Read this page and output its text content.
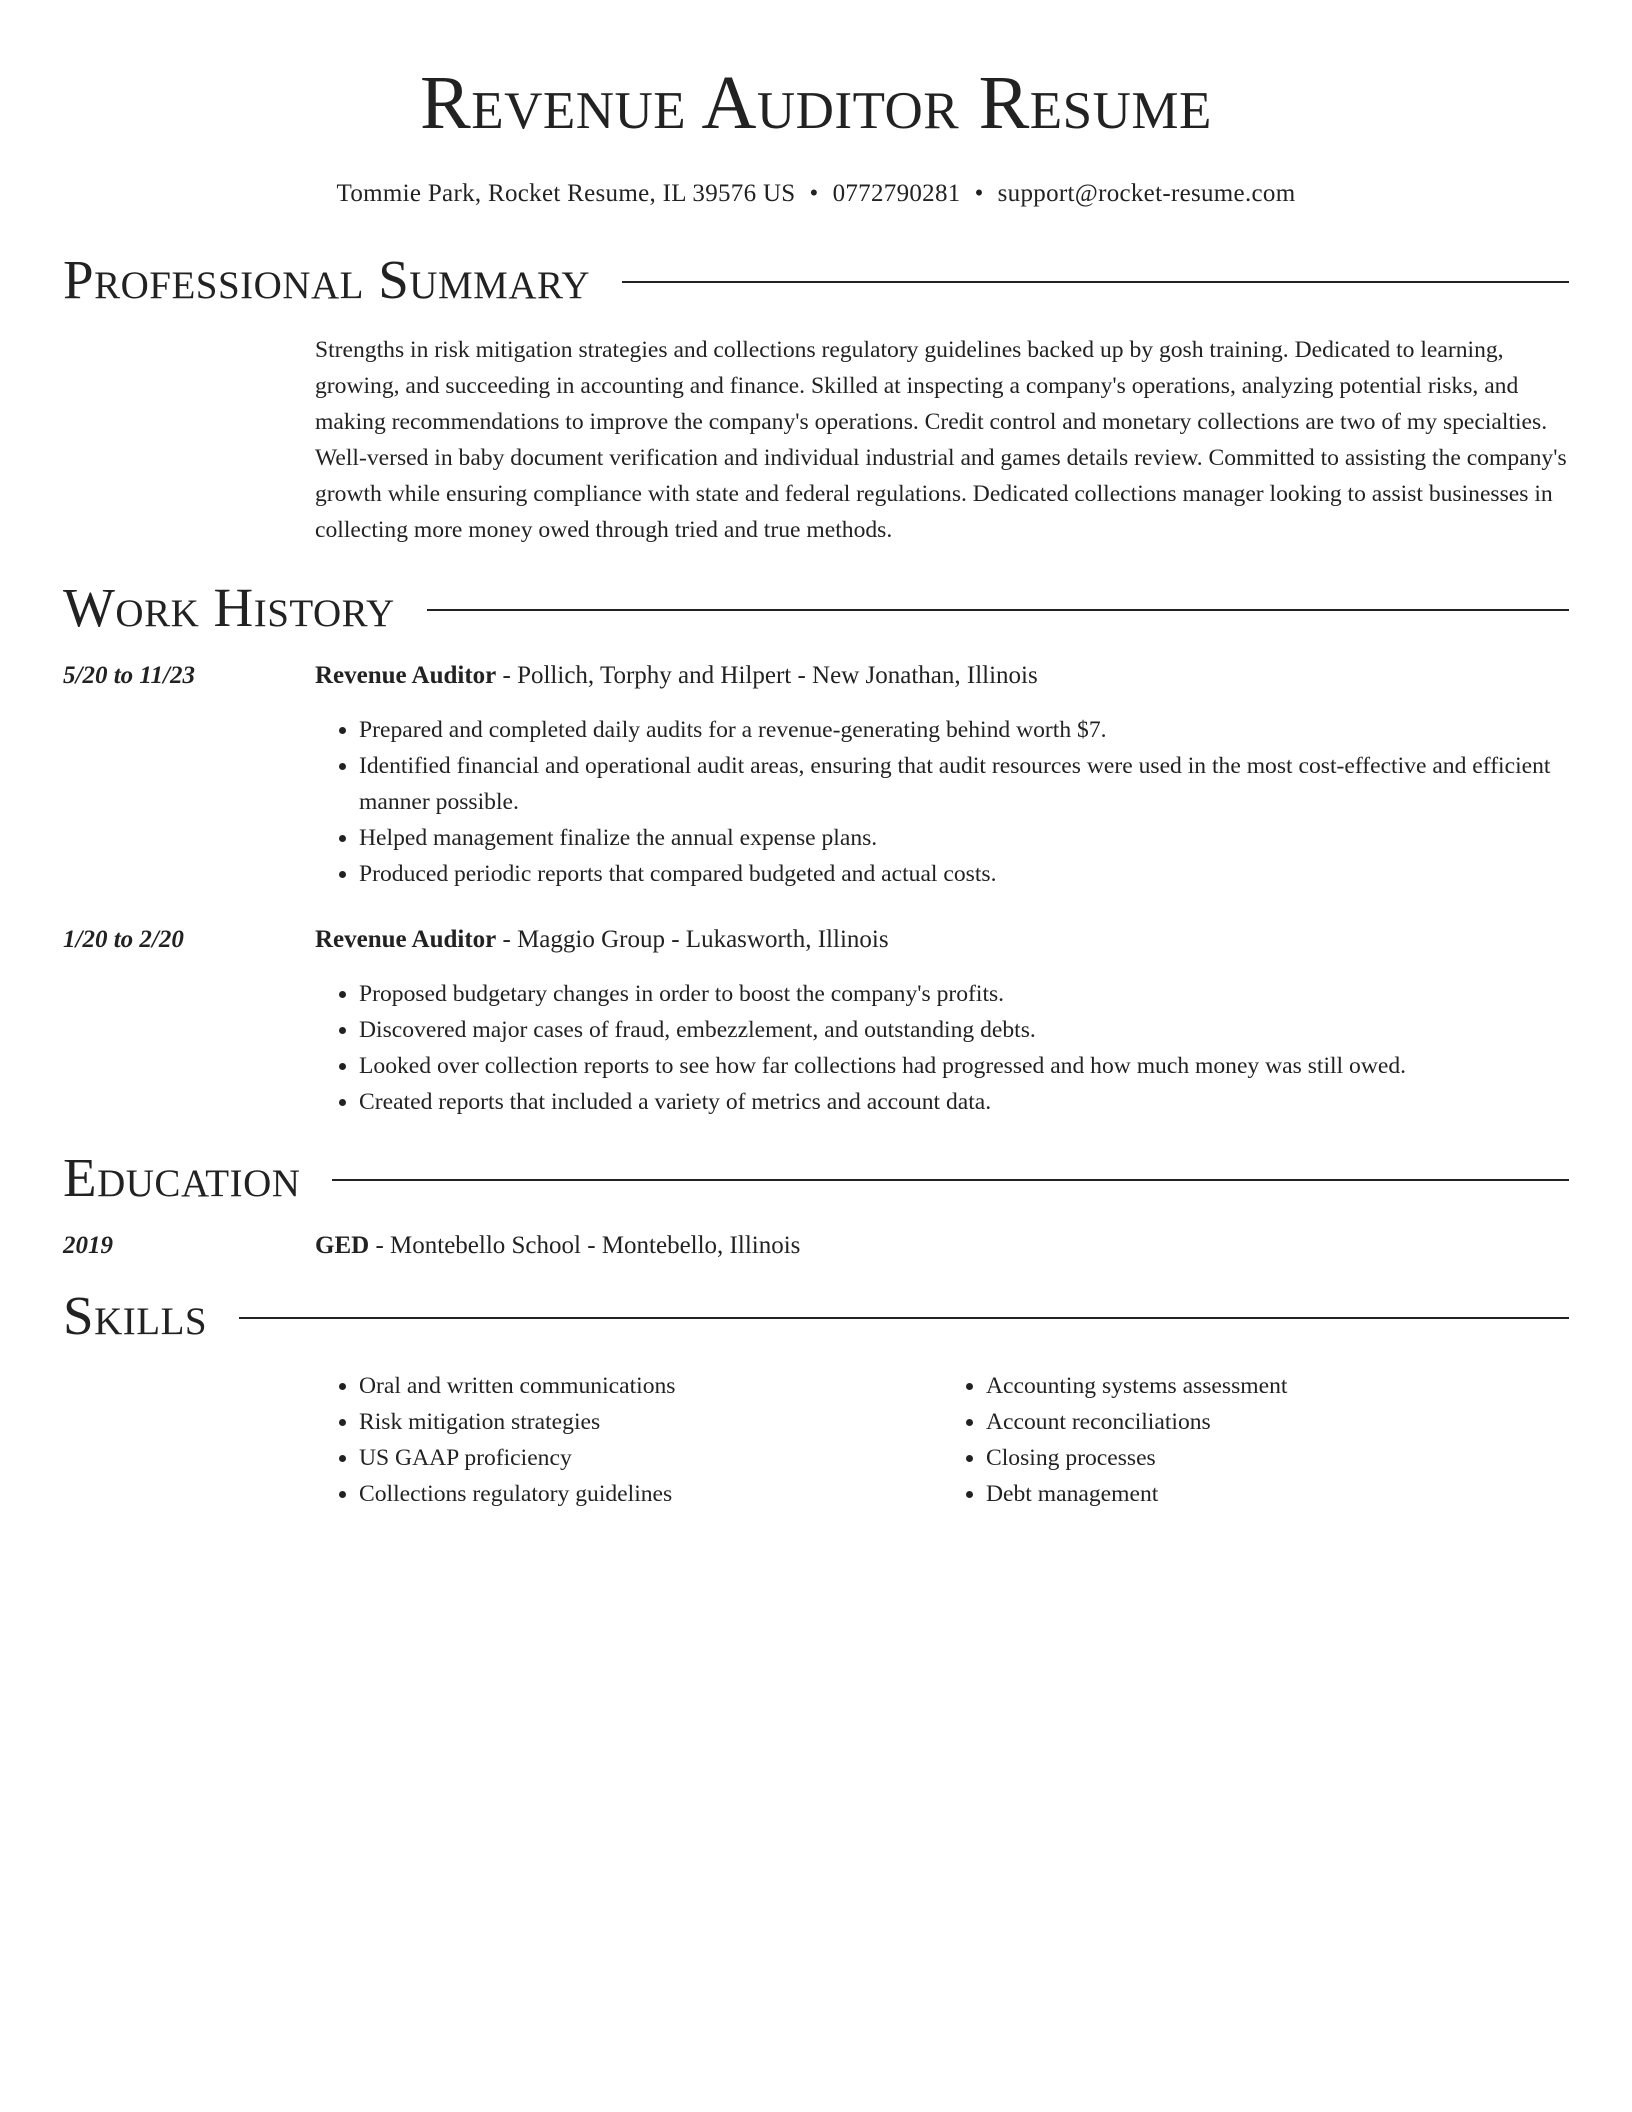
Revenue Auditor Resume
Tommie Park, Rocket Resume, IL 39576 US • 0772790281 • support@rocket-resume.com
Professional Summary
Strengths in risk mitigation strategies and collections regulatory guidelines backed up by gosh training. Dedicated to learning, growing, and succeeding in accounting and finance. Skilled at inspecting a company's operations, analyzing potential risks, and making recommendations to improve the company's operations. Credit control and monetary collections are two of my specialties. Well-versed in baby document verification and individual industrial and games details review. Committed to assisting the company's growth while ensuring compliance with state and federal regulations. Dedicated collections manager looking to assist businesses in collecting more money owed through tried and true methods.
Work History
5/20 to 11/23	Revenue Auditor - Pollich, Torphy and Hilpert - New Jonathan, Illinois
• Prepared and completed daily audits for a revenue-generating behind worth $7.
• Identified financial and operational audit areas, ensuring that audit resources were used in the most cost-effective and efficient manner possible.
• Helped management finalize the annual expense plans.
• Produced periodic reports that compared budgeted and actual costs.
1/20 to 2/20	Revenue Auditor - Maggio Group - Lukasworth, Illinois
• Proposed budgetary changes in order to boost the company's profits.
• Discovered major cases of fraud, embezzlement, and outstanding debts.
• Looked over collection reports to see how far collections had progressed and how much money was still owed.
• Created reports that included a variety of metrics and account data.
Education
2019	GED - Montebello School - Montebello, Illinois
Skills
• Oral and written communications
• Risk mitigation strategies
• US GAAP proficiency
• Collections regulatory guidelines
• Accounting systems assessment
• Account reconciliations
• Closing processes
• Debt management
